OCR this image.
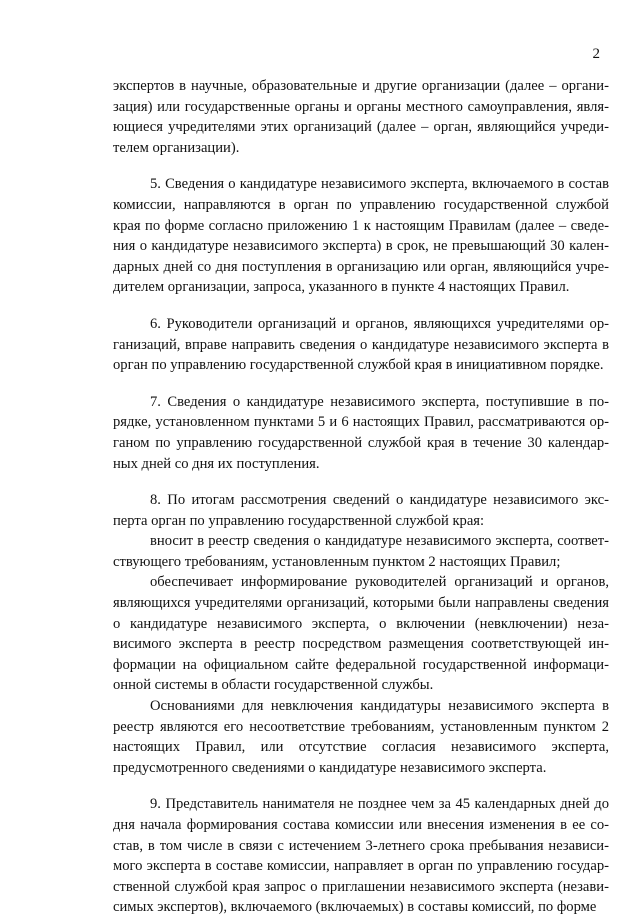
2

экспертов в научные, образовательные и другие организации (далее – организация) или государственные органы и органы местного самоуправления, являющиеся учредителями этих организаций (далее – орган, являющийся учредителем организации).

5. Сведения о кандидатуре независимого эксперта, включаемого в состав комиссии, направляются в орган по управлению государственной службой края по форме согласно приложению 1 к настоящим Правилам (далее – сведения о кандидатуре независимого эксперта) в срок, не превышающий 30 календарных дней со дня поступления в организацию или орган, являющийся учредителем организации, запроса, указанного в пункте 4 настоящих Правил.

6. Руководители организаций и органов, являющихся учредителями организаций, вправе направить сведения о кандидатуре независимого эксперта в орган по управлению государственной службой края в инициативном порядке.

7. Сведения о кандидатуре независимого эксперта, поступившие в порядке, установленном пунктами 5 и 6 настоящих Правил, рассматриваются органом по управлению государственной службой края в течение 30 календарных дней со дня их поступления.

8. По итогам рассмотрения сведений о кандидатуре независимого эксперта орган по управлению государственной службой края:

вносит в реестр сведения о кандидатуре независимого эксперта, соответствующего требованиям, установленным пунктом 2 настоящих Правил;

обеспечивает информирование руководителей организаций и органов, являющихся учредителями организаций, которыми были направлены сведения о кандидатуре независимого эксперта, о включении (невключении) независимого эксперта в реестр посредством размещения соответствующей информации на официальном сайте федеральной государственной информационной системы в области государственной службы.

Основаниями для невключения кандидатуры независимого эксперта в реестр являются его несоответствие требованиям, установленным пунктом 2 настоящих Правил, или отсутствие согласия независимого эксперта, предусмотренного сведениями о кандидатуре независимого эксперта.

9. Представитель нанимателя не позднее чем за 45 календарных дней до дня начала формирования состава комиссии или внесения изменения в ее состав, в том числе в связи с истечением 3-летнего срока пребывания независимого эксперта в составе комиссии, направляет в орган по управлению государственной службой края запрос о приглашении независимого эксперта (независимых экспертов), включаемого (включаемых) в составы комиссий, по форме
